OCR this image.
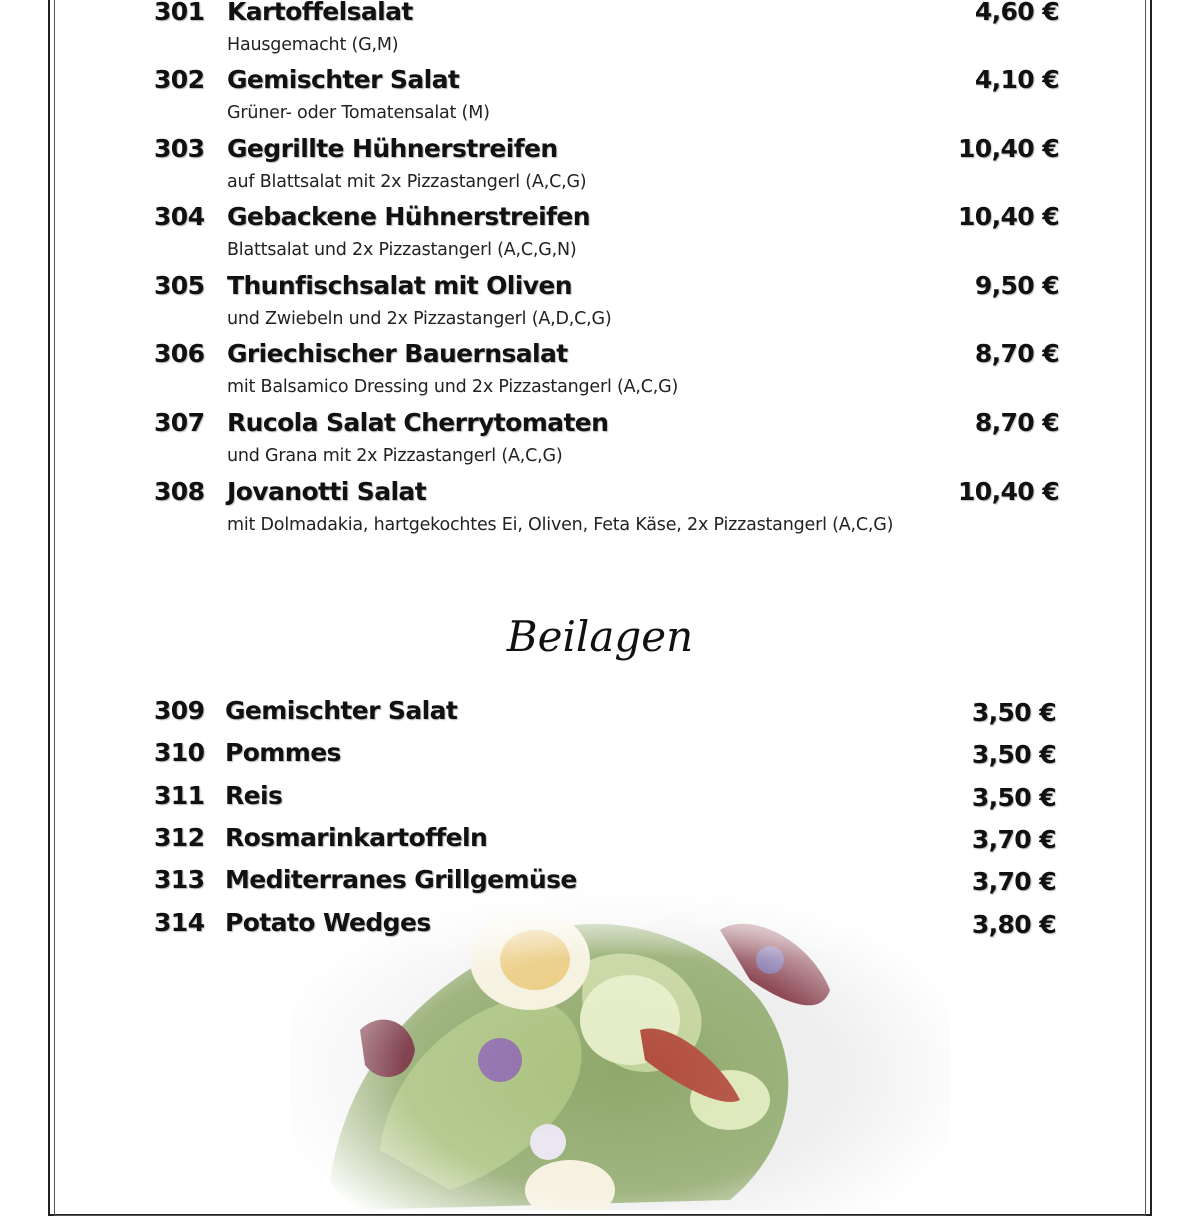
301 Kartoffelsalat	4,60 €
Hausgemacht (G,M)
302 Gemischter Salat	4,10 €
Grüner- oder Tomatensalat (M)
303 Gegrillte Hühnerstreifen	10,40 €
auf Blattsalat mit 2x Pizzastangerl (A,C,G)
304 Gebackene Hühnerstreifen	10,40 €
Blattsalat und 2x Pizzastangerl (A,C,G,N)
305 Thunfischsalat mit Oliven	9,50 €
und Zwiebeln und 2x Pizzastangerl (A,D,C,G)
306 Griechischer Bauernsalat	8,70 €
mit Balsamico Dressing und 2x Pizzastangerl (A,C,G)
307 Rucola Salat Cherrytomaten	8,70 €
und Grana mit 2x Pizzastangerl (A,C,G)
308 Jovanotti Salat	10,40 €
mit Dolmadakia, hartgekochtes Ei, Oliven, Feta Käse, 2x Pizzastangerl (A,C,G)
Beilagen
309 Gemischter Salat	3,50 €
310 Pommes	3,50 €
311 Reis	3,50 €
312 Rosmarinkartoffeln	3,70 €
313 Mediterranes Grillgemüse	3,70 €
314 Potato Wedges	3,80 €
